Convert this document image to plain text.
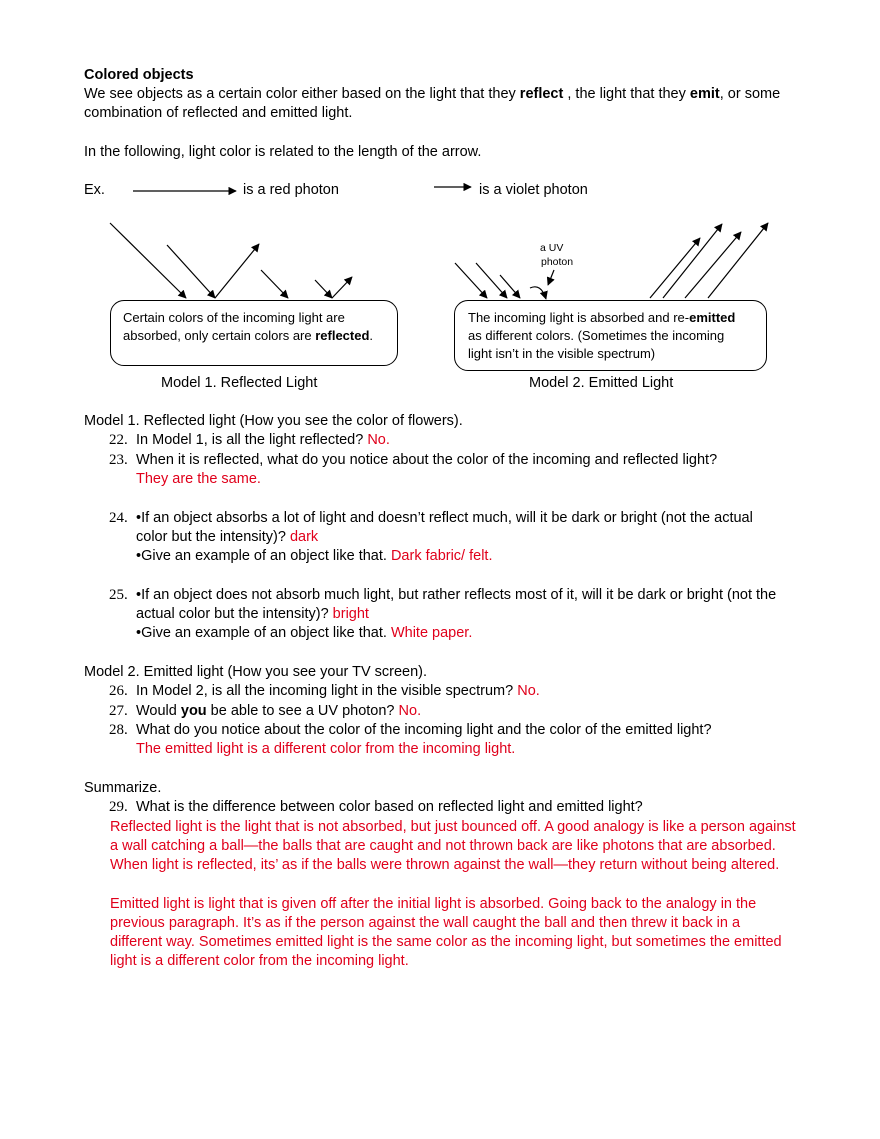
Colored objects
We see objects as a certain color either based on the light that they reflect , the light that they emit, or some
combination of reflected and emitted light.
In the following, light color is related to the length of the arrow.
Ex.	is a red photon	is a violet photon
Certain colors of the incoming light are
absorbed, only certain colors are reflected.
The incoming light is absorbed and re-emitted
as different colors. (Sometimes the incoming
light isn’t in the visible spectrum)
a UV
photon
Model 1. Reflected Light	Model 2. Emitted Light
Model 1. Reflected light (How you see the color of flowers).
22. In Model 1, is all the light reflected? No.
23. When it is reflected, what do you notice about the color of the incoming and reflected light?
They are the same.
24. •If an object absorbs a lot of light and doesn’t reflect much, will it be dark or bright (not the actual
color but the intensity)? dark
•Give an example of an object like that. Dark fabric/ felt.
25. •If an object does not absorb much light, but rather reflects most of it, will it be dark or bright (not the
actual color but the intensity)? bright
•Give an example of an object like that. White paper.
Model 2. Emitted light (How you see your TV screen).
26. In Model 2, is all the incoming light in the visible spectrum? No.
27. Would you be able to see a UV photon? No.
28. What do you notice about the color of the incoming light and the color of the emitted light?
The emitted light is a different color from the incoming light.
Summarize.
29. What is the difference between color based on reflected light and emitted light?
Reflected light is the light that is not absorbed, but just bounced off. A good analogy is like a person against
a wall catching a ball—the balls that are caught and not thrown back are like photons that are absorbed.
When light is reflected, its’ as if the balls were thrown against the wall—they return without being altered.
Emitted light is light that is given off after the initial light is absorbed. Going back to the analogy in the
previous paragraph. It’s as if the person against the wall caught the ball and then threw it back in a
different way. Sometimes emitted light is the same color as the incoming light, but sometimes the emitted
light is a different color from the incoming light.
